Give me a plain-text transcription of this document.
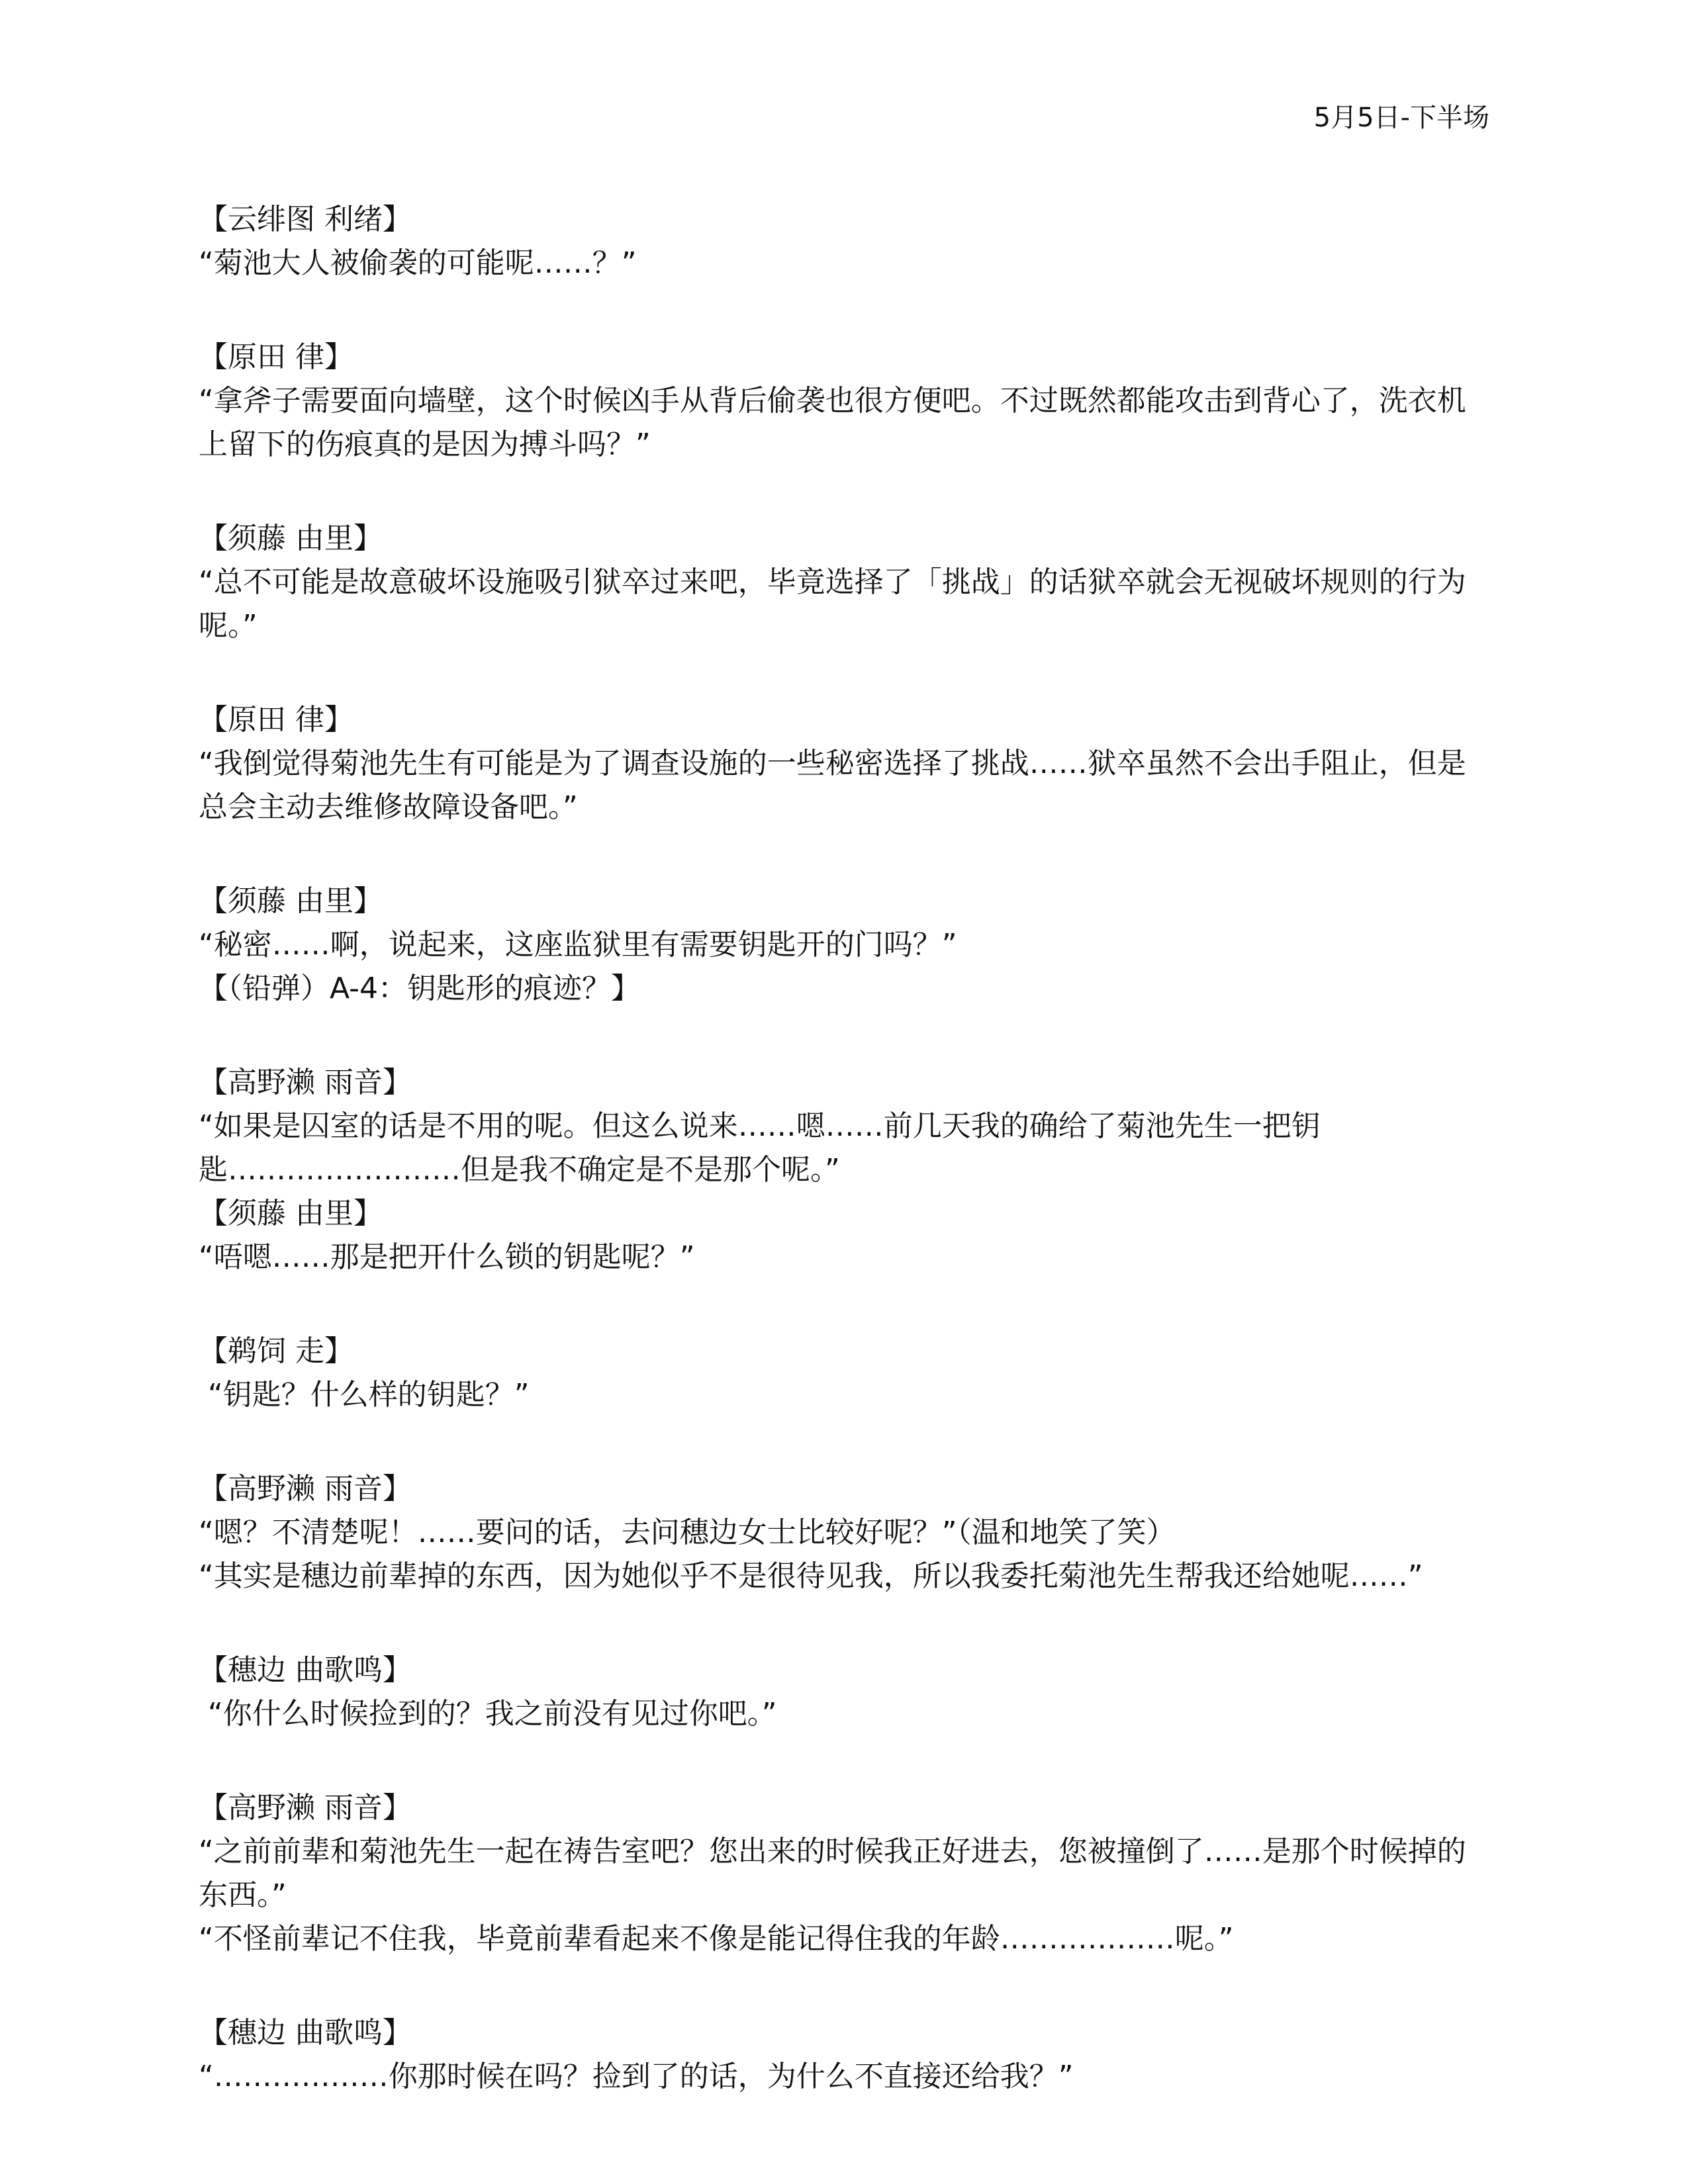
5月5日-下半场

【云绯图 利绪】

“菊池大人被偷袭的可能呢……？”

【原田 律】

“拿斧子需要面向墙壁，这个时候凶手从背后偷袭也很方便吧。不过既然都能攻击到背心了，洗衣机上留下的伤痕真的是因为搏斗吗？”

【须藤 由里】

“总不可能是故意破坏设施吸引狱卒过来吧，毕竟选择了「挑战」的话狱卒就会无视破坏规则的行为呢。”

【原田 律】

“我倒觉得菊池先生有可能是为了调查设施的一些秘密选择了挑战……狱卒虽然不会出手阻止，但是总会主动去维修故障设备吧。”

【须藤 由里】

“秘密……啊，说起来，这座监狱里有需要钥匙开的门吗？”

【（铅弹）A-4：钥匙形的痕迹？】

【高野濑 雨音】

“如果是囚室的话是不用的呢。但这么说来……嗯……前几天我的确给了菊池先生一把钥

匙……………………但是我不确定是不是那个呢。”

【须藤 由里】

“唔嗯……那是把开什么锁的钥匙呢？”

【鹈饲 走】

“钥匙？什么样的钥匙？”

【高野濑 雨音】

“嗯？不清楚呢！……要问的话，去问穗边女士比较好呢？”（温和地笑了笑）

“其实是穗边前辈掉的东西，因为她似乎不是很待见我，所以我委托菊池先生帮我还给她呢……”

【穗边 曲歌鸣】

“你什么时候捡到的？我之前没有见过你吧。”

【高野濑 雨音】

“之前前辈和菊池先生一起在祷告室吧？您出来的时候我正好进去，您被撞倒了……是那个时候掉的东西。”

“不怪前辈记不住我，毕竟前辈看起来不像是能记得住我的年龄………………呢。”

【穗边 曲歌鸣】

“………………你那时候在吗？捡到了的话，为什么不直接还给我？”
